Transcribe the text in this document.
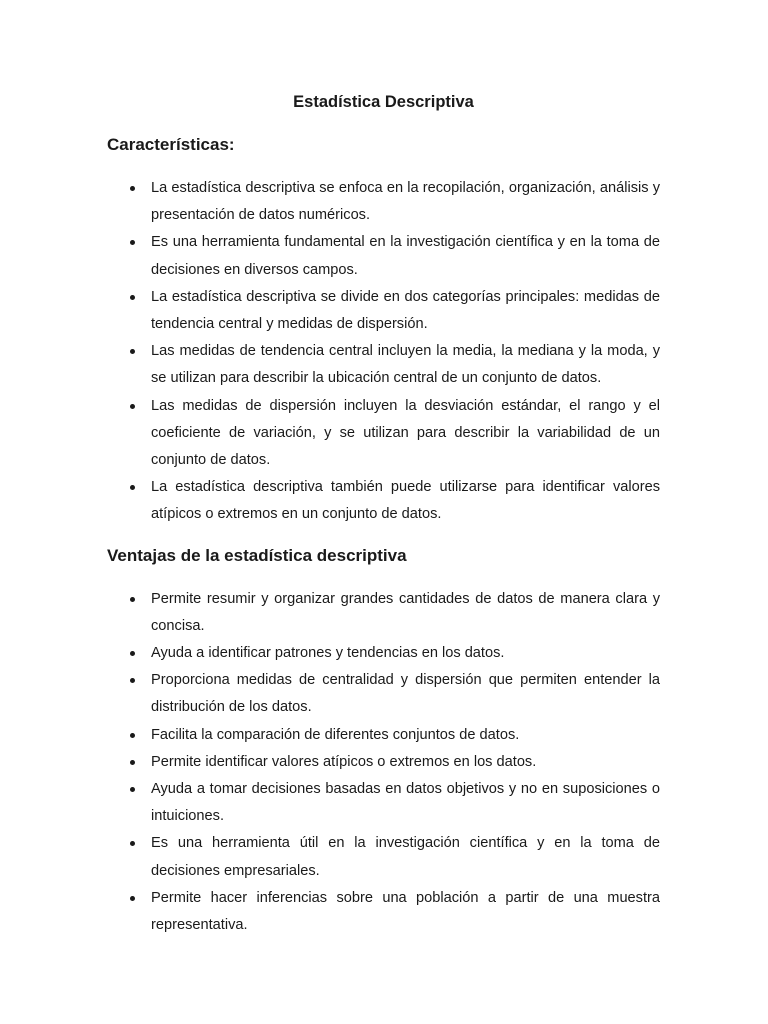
Estadística Descriptiva
Características:
La estadística descriptiva se enfoca en la recopilación, organización, análisis y presentación de datos numéricos.
Es una herramienta fundamental en la investigación científica y en la toma de decisiones en diversos campos.
La estadística descriptiva se divide en dos categorías principales: medidas de tendencia central y medidas de dispersión.
Las medidas de tendencia central incluyen la media, la mediana y la moda, y se utilizan para describir la ubicación central de un conjunto de datos.
Las medidas de dispersión incluyen la desviación estándar, el rango y el coeficiente de variación, y se utilizan para describir la variabilidad de un conjunto de datos.
La estadística descriptiva también puede utilizarse para identificar valores atípicos o extremos en un conjunto de datos.
Ventajas de la estadística descriptiva
Permite resumir y organizar grandes cantidades de datos de manera clara y concisa.
Ayuda a identificar patrones y tendencias en los datos.
Proporciona medidas de centralidad y dispersión que permiten entender la distribución de los datos.
Facilita la comparación de diferentes conjuntos de datos.
Permite identificar valores atípicos o extremos en los datos.
Ayuda a tomar decisiones basadas en datos objetivos y no en suposiciones o intuiciones.
Es una herramienta útil en la investigación científica y en la toma de decisiones empresariales.
Permite hacer inferencias sobre una población a partir de una muestra representativa.
